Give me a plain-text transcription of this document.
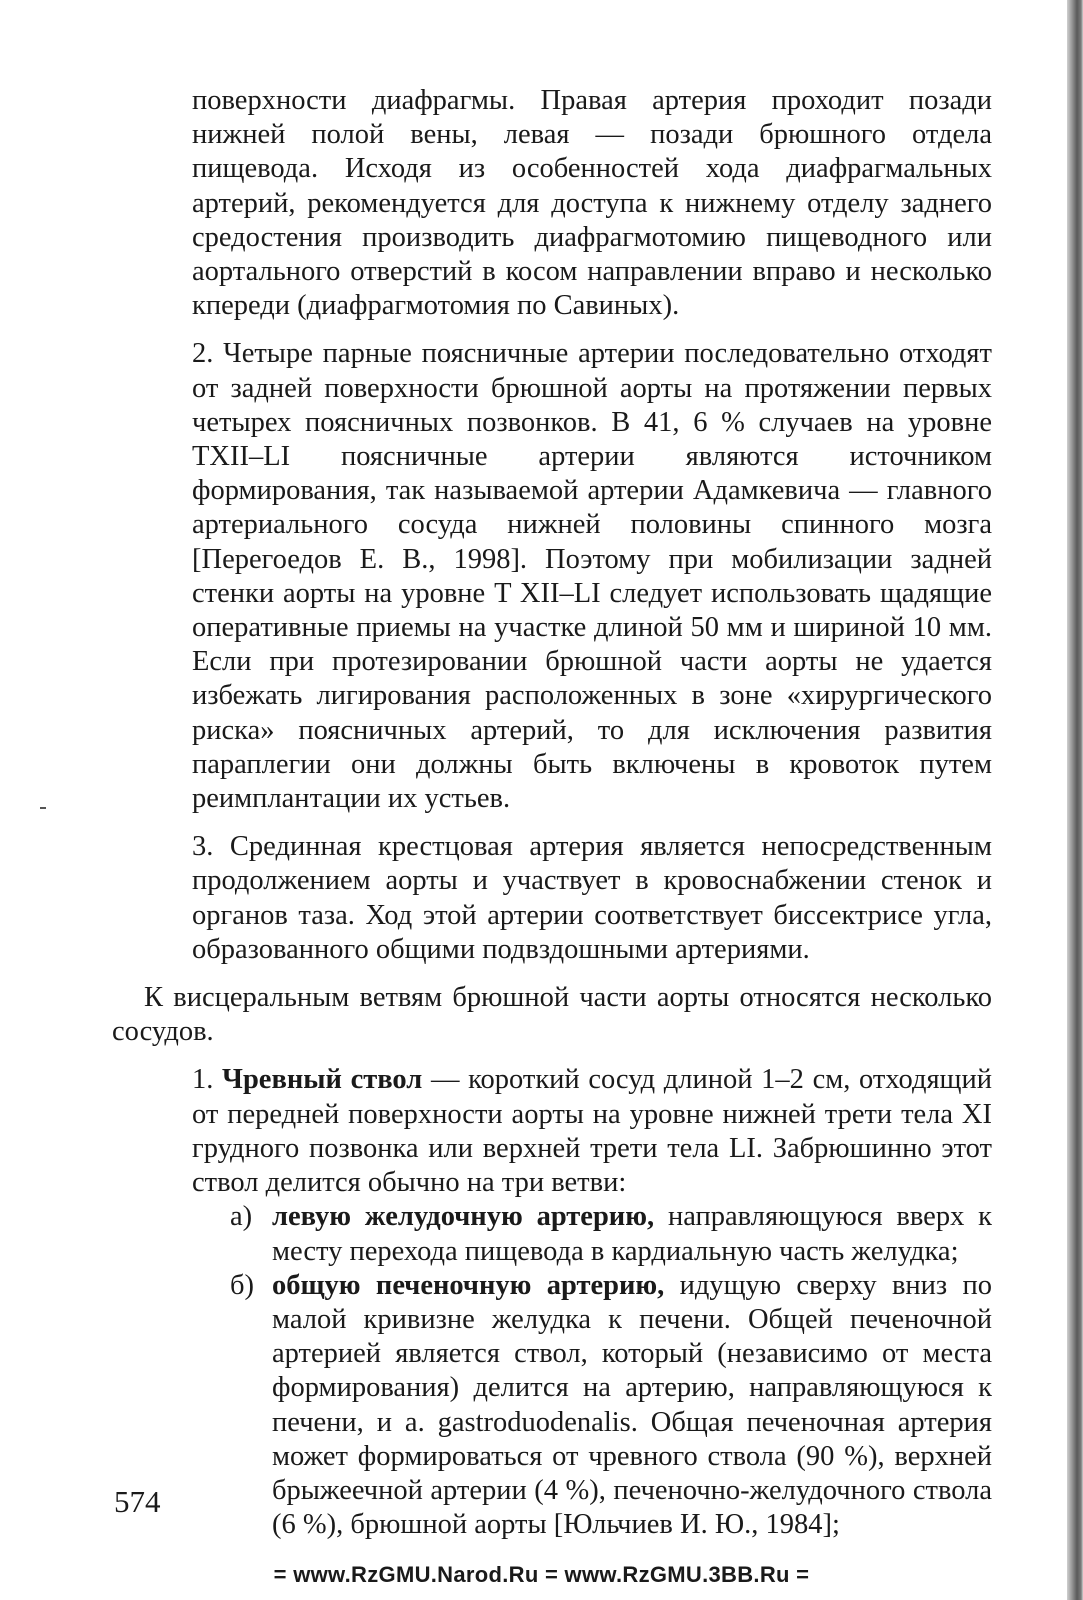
поверхности диафрагмы. Правая артерия проходит позади нижней полой вены, левая — позади брюшного отдела пищевода. Исходя из особенностей хода диафрагмальных артерий, рекомендуется для доступа к нижнему отделу заднего средостения производить диафрагмотомию пищеводного или аортального отверстий в косом направлении вправо и несколько кпереди (диафрагмотомия по Савиных).

2. Четыре парные поясничные артерии последовательно отходят от задней поверхности брюшной аорты на протяжении первых четырех поясничных позвонков. В 41, 6 % случаев на уровне TXII–LI поясничные артерии являются источником формирования, так называемой артерии Адамкевича — главного артериального сосуда нижней половины спинного мозга [Перегоедов Е. В., 1998]. Поэтому при мобилизации задней стенки аорты на уровне T XII–LI следует использовать щадящие оперативные приемы на участке длиной 50 мм и шириной 10 мм. Если при протезировании брюшной части аорты не удается избежать лигирования расположенных в зоне «хирургического риска» поясничных артерий, то для исключения развития параплегии они должны быть включены в кровоток путем реимплантации их устьев.

3. Срединная крестцовая артерия является непосредственным продолжением аорты и участвует в кровоснабжении стенок и органов таза. Ход этой артерии соответствует биссектрисе угла, образованного общими подвздошными артериями.

К висцеральным ветвям брюшной части аорты относятся несколько сосудов.

1. Чревный ствол — короткий сосуд длиной 1–2 см, отходящий от передней поверхности аорты на уровне нижней трети тела XI грудного позвонка или верхней трети тела LI. Забрюшинно этот ствол делится обычно на три ветви:
а) левую желудочную артерию, направляющуюся вверх к месту перехода пищевода в кардиальную часть желудка;
б) общую печеночную артерию, идущую сверху вниз по малой кривизне желудка к печени. Общей печеночной артерией является ствол, который (независимо от места формирования) делится на артерию, направляющуюся к печени, и a. gastroduodenalis. Общая печеночная артерия может формироваться от чревного ствола (90 %), верхней брыжеечной артерии (4 %), печеночно-желудочного ствола (6 %), брюшной аорты [Юльчиев И. Ю., 1984];
574
= www.RzGMU.Narod.Ru = www.RzGMU.3BB.Ru =
